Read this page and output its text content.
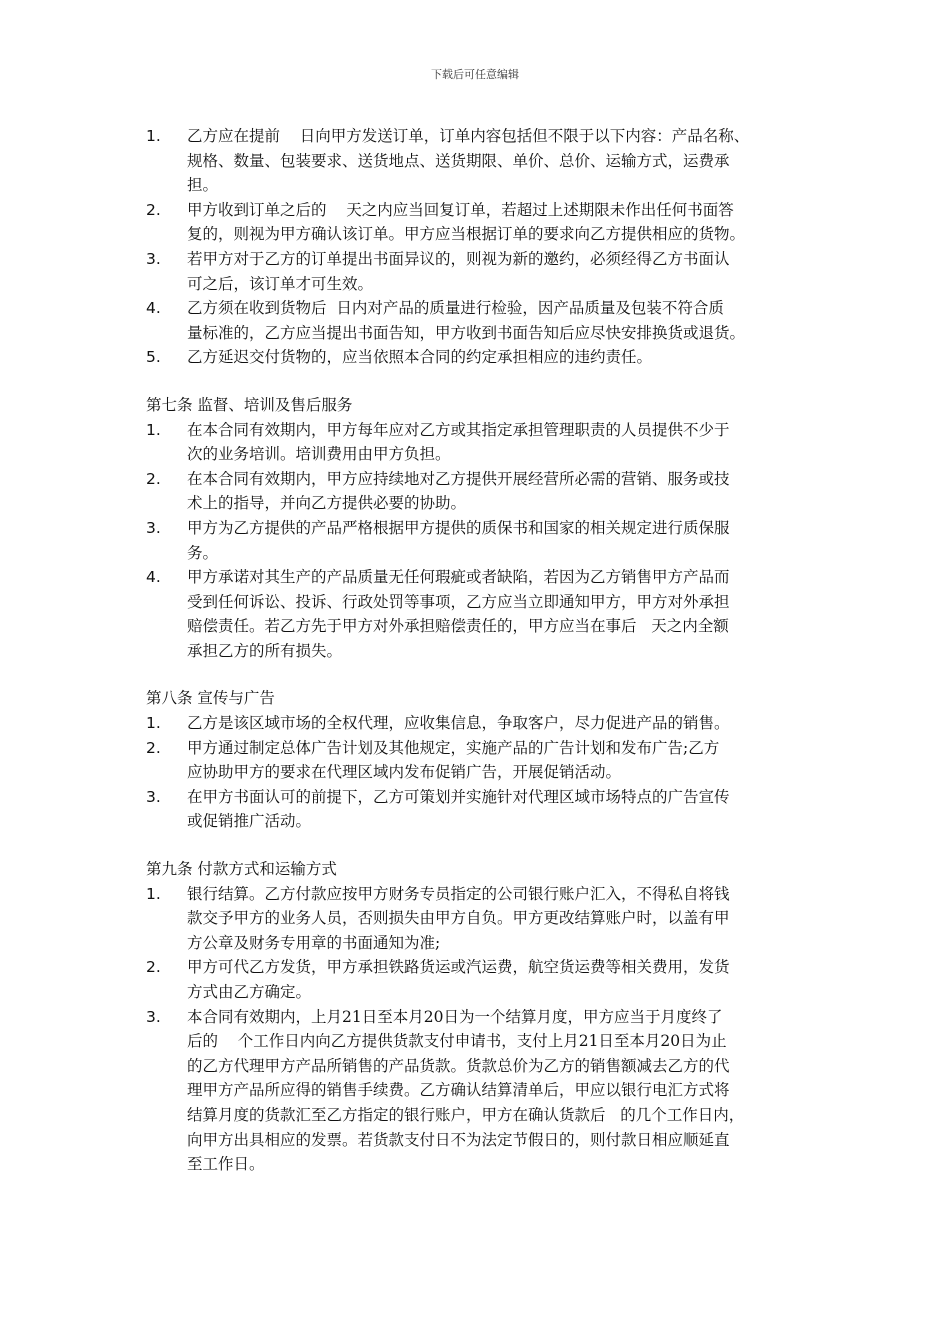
下载后可任意编辑
1.	乙方应在提前    日向甲方发送订单，订单内容包括但不限于以下内容：产品名称、
规格、数量、包装要求、送货地点、送货期限、单价、总价、运输方式，运费承
担。
2.	甲方收到订单之后的    天之内应当回复订单，若超过上述期限未作出任何书面答
复的，则视为甲方确认该订单。甲方应当根据订单的要求向乙方提供相应的货物。
3.	若甲方对于乙方的订单提出书面异议的，则视为新的邀约，必须经得乙方书面认
可之后，该订单才可生效。
4.	乙方须在收到货物后  日内对产品的质量进行检验，因产品质量及包装不符合质
量标准的，乙方应当提出书面告知，甲方收到书面告知后应尽快安排换货或退货。
5.	乙方延迟交付货物的，应当依照本合同的约定承担相应的违约责任。
第七条 监督、培训及售后服务
1.	在本合同有效期内，甲方每年应对乙方或其指定承担管理职责的人员提供不少于
次的业务培训。培训费用由甲方负担。
2.	在本合同有效期内，甲方应持续地对乙方提供开展经营所必需的营销、服务或技
术上的指导，并向乙方提供必要的协助。
3.	甲方为乙方提供的产品严格根据甲方提供的质保书和国家的相关规定进行质保服
务。
4.	甲方承诺对其生产的产品质量无任何瑕疵或者缺陷，若因为乙方销售甲方产品而
受到任何诉讼、投诉、行政处罚等事项，乙方应当立即通知甲方，甲方对外承担
赔偿责任。若乙方先于甲方对外承担赔偿责任的，甲方应当在事后   天之内全额
承担乙方的所有损失。
第八条 宣传与广告
1.	乙方是该区域市场的全权代理，应收集信息，争取客户，尽力促进产品的销售。
2.	甲方通过制定总体广告计划及其他规定，实施产品的广告计划和发布广告;乙方
应协助甲方的要求在代理区域内发布促销广告，开展促销活动。
3.	在甲方书面认可的前提下，乙方可策划并实施针对代理区域市场特点的广告宣传
或促销推广活动。
第九条 付款方式和运输方式
1.	银行结算。乙方付款应按甲方财务专员指定的公司银行账户汇入，不得私自将钱
款交予甲方的业务人员，否则损失由甲方自负。甲方更改结算账户时，以盖有甲
方公章及财务专用章的书面通知为准;
2.	甲方可代乙方发货，甲方承担铁路货运或汽运费，航空货运费等相关费用，发货
方式由乙方确定。
3.	本合同有效期内，上月21日至本月20日为一个结算月度，甲方应当于月度终了
后的    个工作日内向乙方提供货款支付申请书，支付上月21日至本月20日为止
的乙方代理甲方产品所销售的产品货款。货款总价为乙方的销售额减去乙方的代
理甲方产品所应得的销售手续费。乙方确认结算清单后，甲应以银行电汇方式将
结算月度的货款汇至乙方指定的银行账户，甲方在确认货款后   的几个工作日内，
向甲方出具相应的发票。若货款支付日不为法定节假日的，则付款日相应顺延直
至工作日。
